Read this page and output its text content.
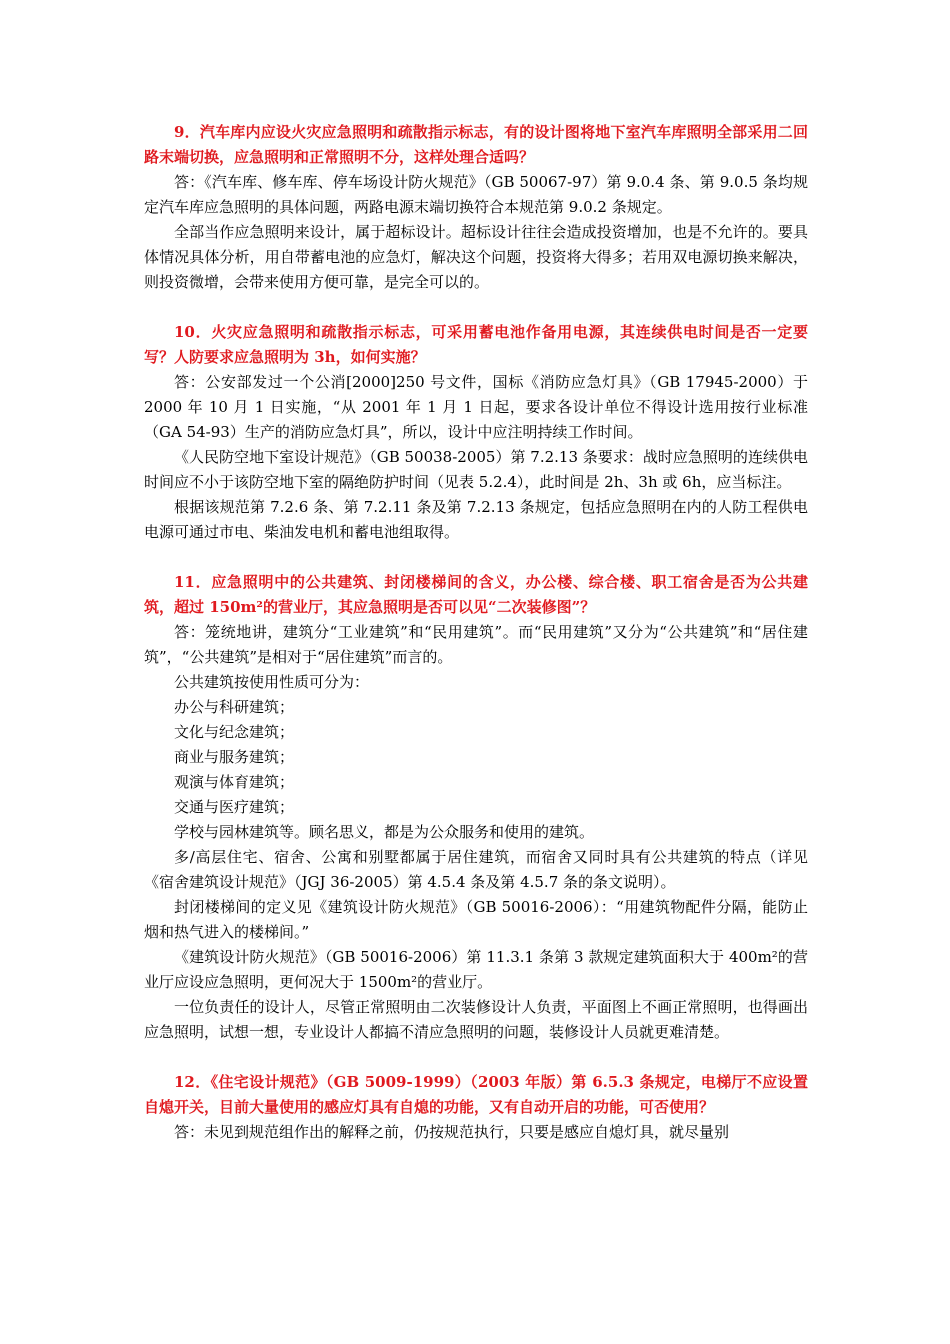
9．汽车库内应设火灾应急照明和疏散指示标志，有的设计图将地下室汽车库照明全部采用二回路末端切换，应急照明和正常照明不分，这样处理合适吗？

答：《汽车库、修车库、停车场设计防火规范》（GB 50067-97）第 9.0.4 条、第 9.0.5 条均规定汽车库应急照明的具体问题，两路电源末端切换符合本规范第 9.0.2 条规定。

全部当作应急照明来设计，属于超标设计。超标设计往往会造成投资增加，也是不允许的。要具体情况具体分析，用自带蓄电池的应急灯，解决这个问题，投资将大得多；若用双电源切换来解决，则投资微增，会带来使用方便可靠，是完全可以的。

10．火灾应急照明和疏散指示标志，可采用蓄电池作备用电源，其连续供电时间是否一定要写？人防要求应急照明为 3h，如何实施？

答：公安部发过一个公消[2000]250 号文件，国标《消防应急灯具》（GB 17945-2000）于 2000 年 10 月 1 日实施，“从 2001 年 1 月 1 日起，要求各设计单位不得设计选用按行业标准（GA 54-93）生产的消防应急灯具”，所以，设计中应注明持续工作时间。

《人民防空地下室设计规范》（GB 50038-2005）第 7.2.13 条要求：战时应急照明的连续供电时间应不小于该防空地下室的隔绝防护时间（见表 5.2.4），此时间是 2h、3h 或 6h，应当标注。

根据该规范第 7.2.6 条、第 7.2.11 条及第 7.2.13 条规定，包括应急照明在内的人防工程供电电源可通过市电、柴油发电机和蓄电池组取得。

11．应急照明中的公共建筑、封闭楼梯间的含义，办公楼、综合楼、职工宿舍是否为公共建筑，超过 150m²的营业厅，其应急照明是否可以见“二次装修图”？

答：笼统地讲，建筑分“工业建筑”和“民用建筑”。而“民用建筑”又分为“公共建筑”和“居住建筑”，“公共建筑”是相对于“居住建筑”而言的。

公共建筑按使用性质可分为：

办公与科研建筑；

文化与纪念建筑；

商业与服务建筑；

观演与体育建筑；

交通与医疗建筑；

学校与园林建筑等。顾名思义，都是为公众服务和使用的建筑。

多/高层住宅、宿舍、公寓和别墅都属于居住建筑，而宿舍又同时具有公共建筑的特点（详见《宿舍建筑设计规范》（JGJ 36-2005）第 4.5.4 条及第 4.5.7 条的条文说明）。

封闭楼梯间的定义见《建筑设计防火规范》（GB 50016-2006）：“用建筑物配件分隔，能防止烟和热气进入的楼梯间。”

《建筑设计防火规范》（GB 50016-2006）第 11.3.1 条第 3 款规定建筑面积大于 400m²的营业厅应设应急照明，更何况大于 1500m²的营业厅。

一位负责任的设计人，尽管正常照明由二次装修设计人负责，平面图上不画正常照明，也得画出应急照明，试想一想，专业设计人都搞不清应急照明的问题，装修设计人员就更难清楚。

12．《住宅设计规范》（GB 5009-1999）（2003 年版）第 6.5.3 条规定，电梯厅不应设置自熄开关，目前大量使用的感应灯具有自熄的功能，又有自动开启的功能，可否使用？

答：未见到规范组作出的解释之前，仍按规范执行，只要是感应自熄灯具，就尽量别
